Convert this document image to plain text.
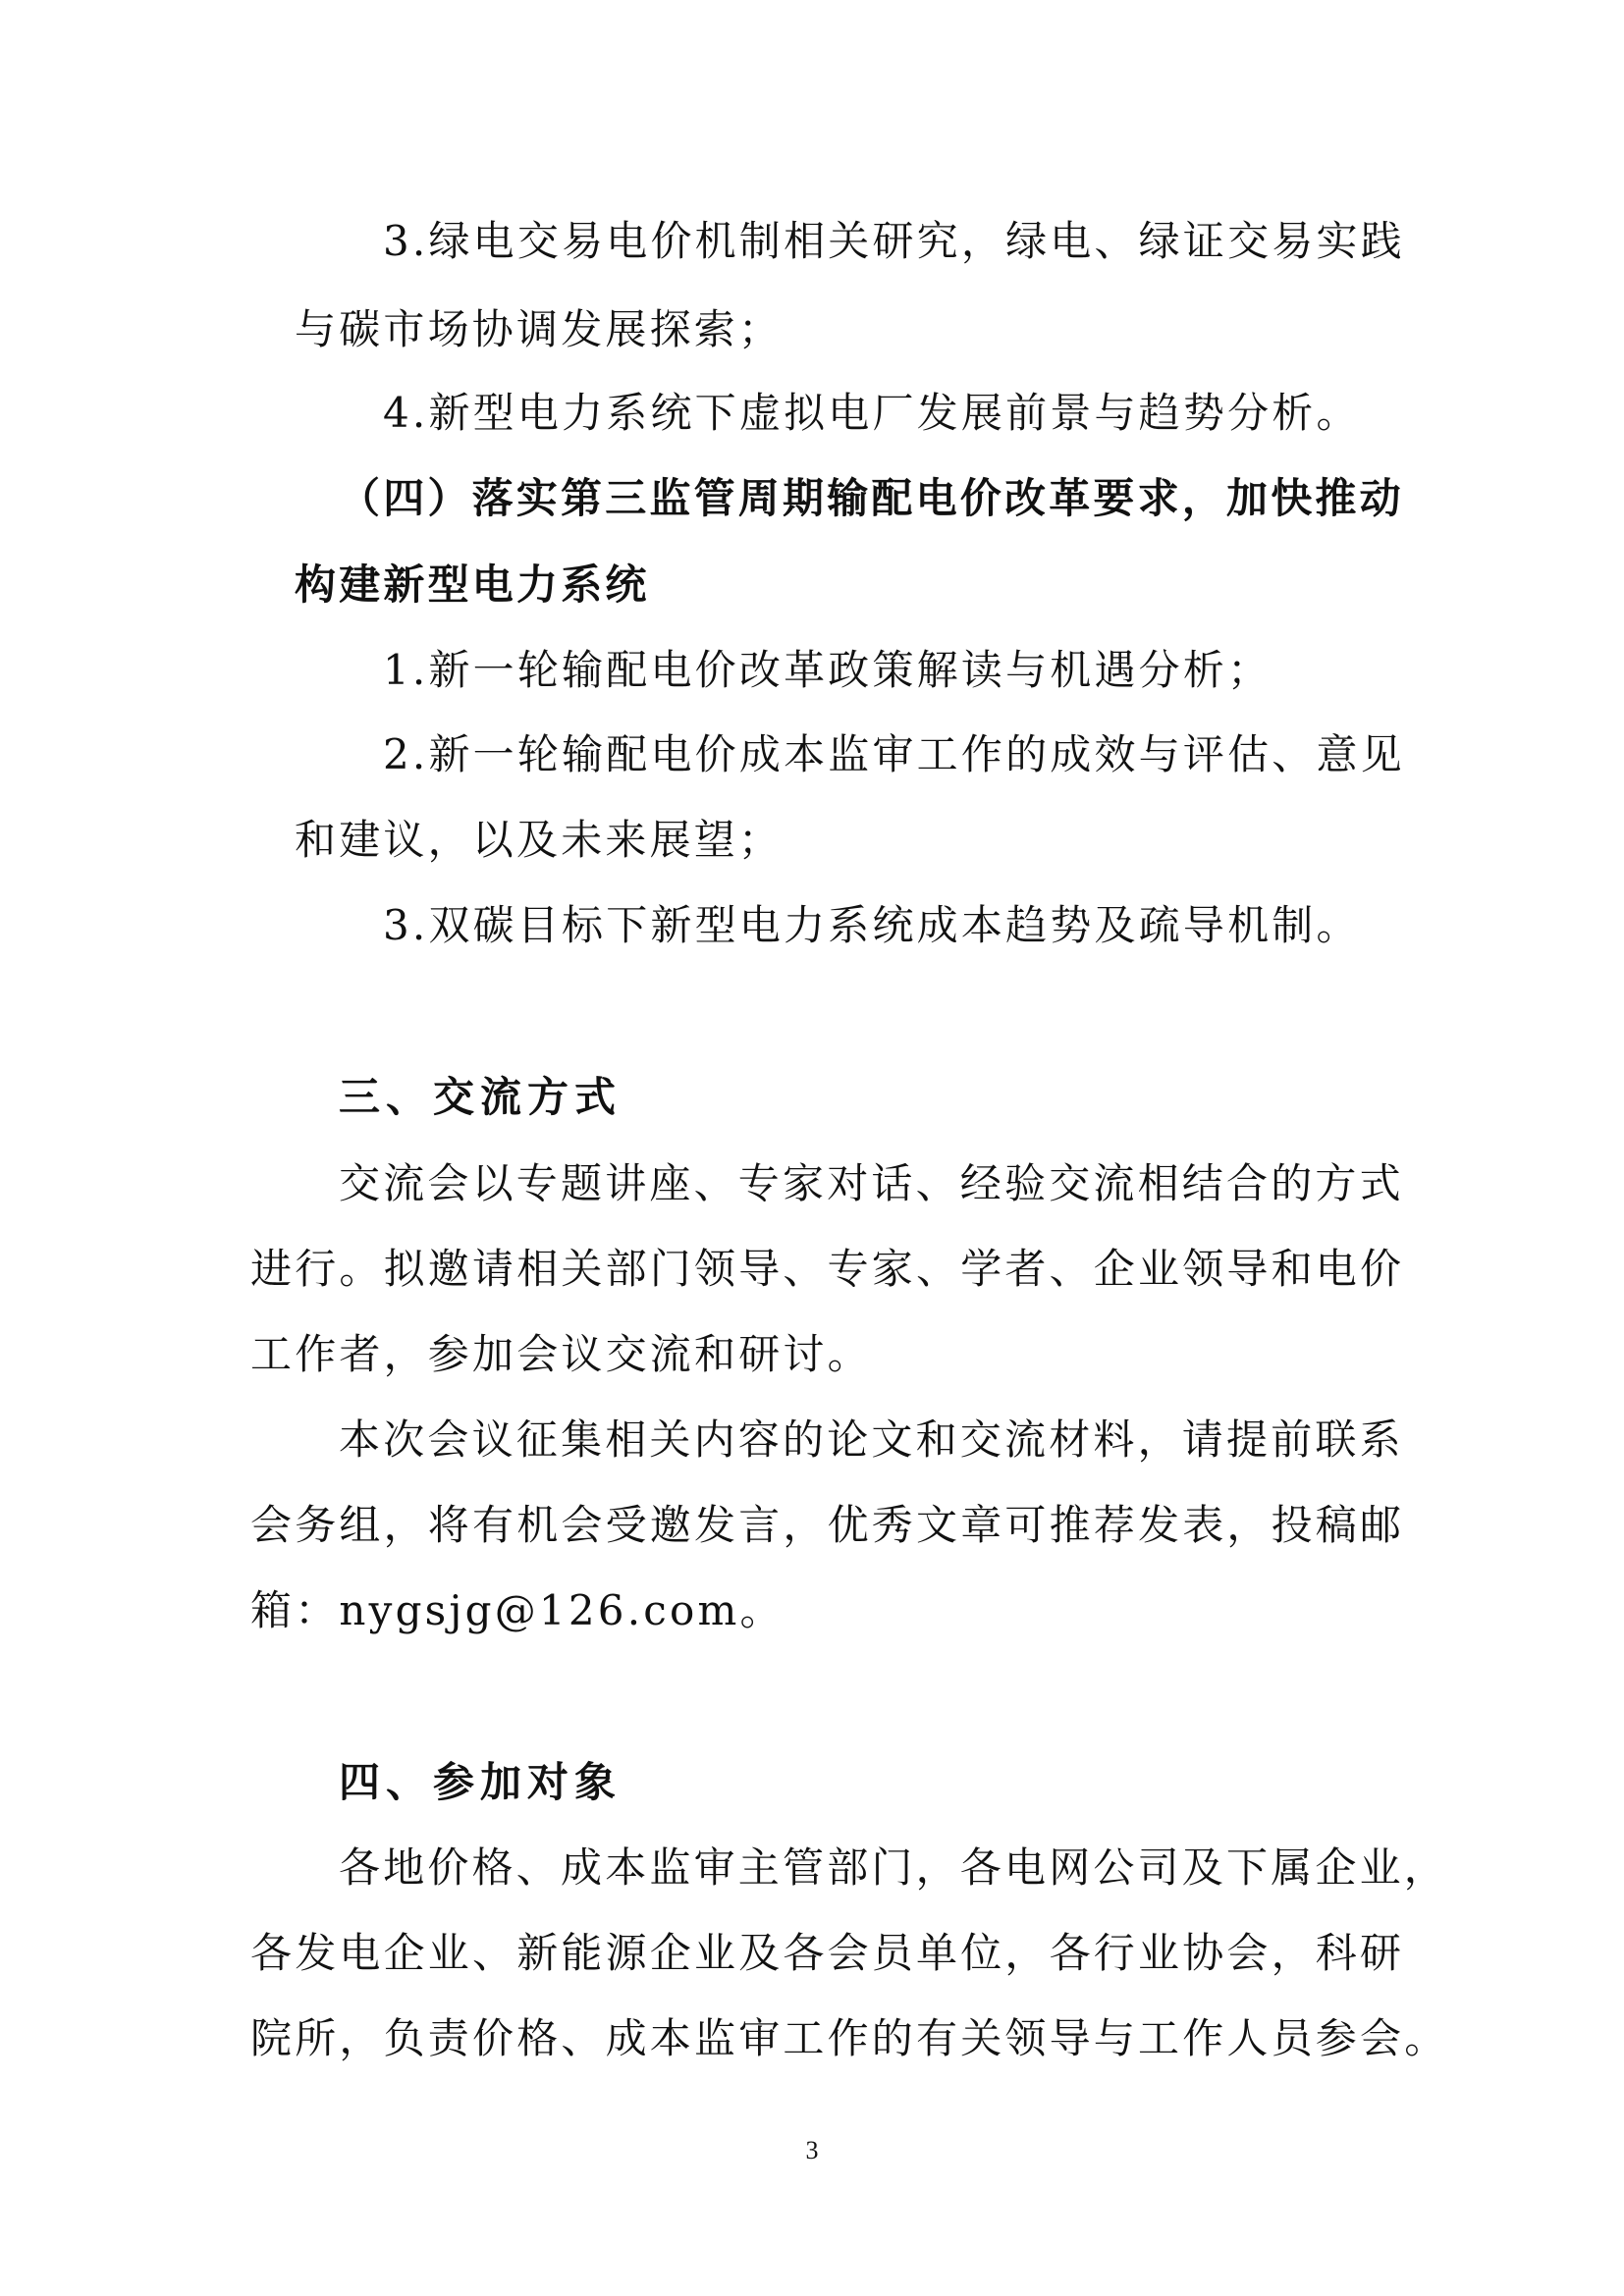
3.绿电交易电价机制相关研究，绿电、绿证交易实践
与碳市场协调发展探索；
4.新型电力系统下虚拟电厂发展前景与趋势分析。
（四）落实第三监管周期输配电价改革要求，加快推动
构建新型电力系统
1.新一轮输配电价改革政策解读与机遇分析；
2.新一轮输配电价成本监审工作的成效与评估、意见
和建议，以及未来展望；
3.双碳目标下新型电力系统成本趋势及疏导机制。
三、交流方式
交流会以专题讲座、专家对话、经验交流相结合的方式
进行。拟邀请相关部门领导、专家、学者、企业领导和电价
工作者，参加会议交流和研讨。
本次会议征集相关内容的论文和交流材料，请提前联系
会务组，将有机会受邀发言，优秀文章可推荐发表，投稿邮
箱：nygsjg@126.com。
四、参加对象
各地价格、成本监审主管部门，各电网公司及下属企业，
各发电企业、新能源企业及各会员单位，各行业协会，科研
院所，负责价格、成本监审工作的有关领导与工作人员参会。
3
